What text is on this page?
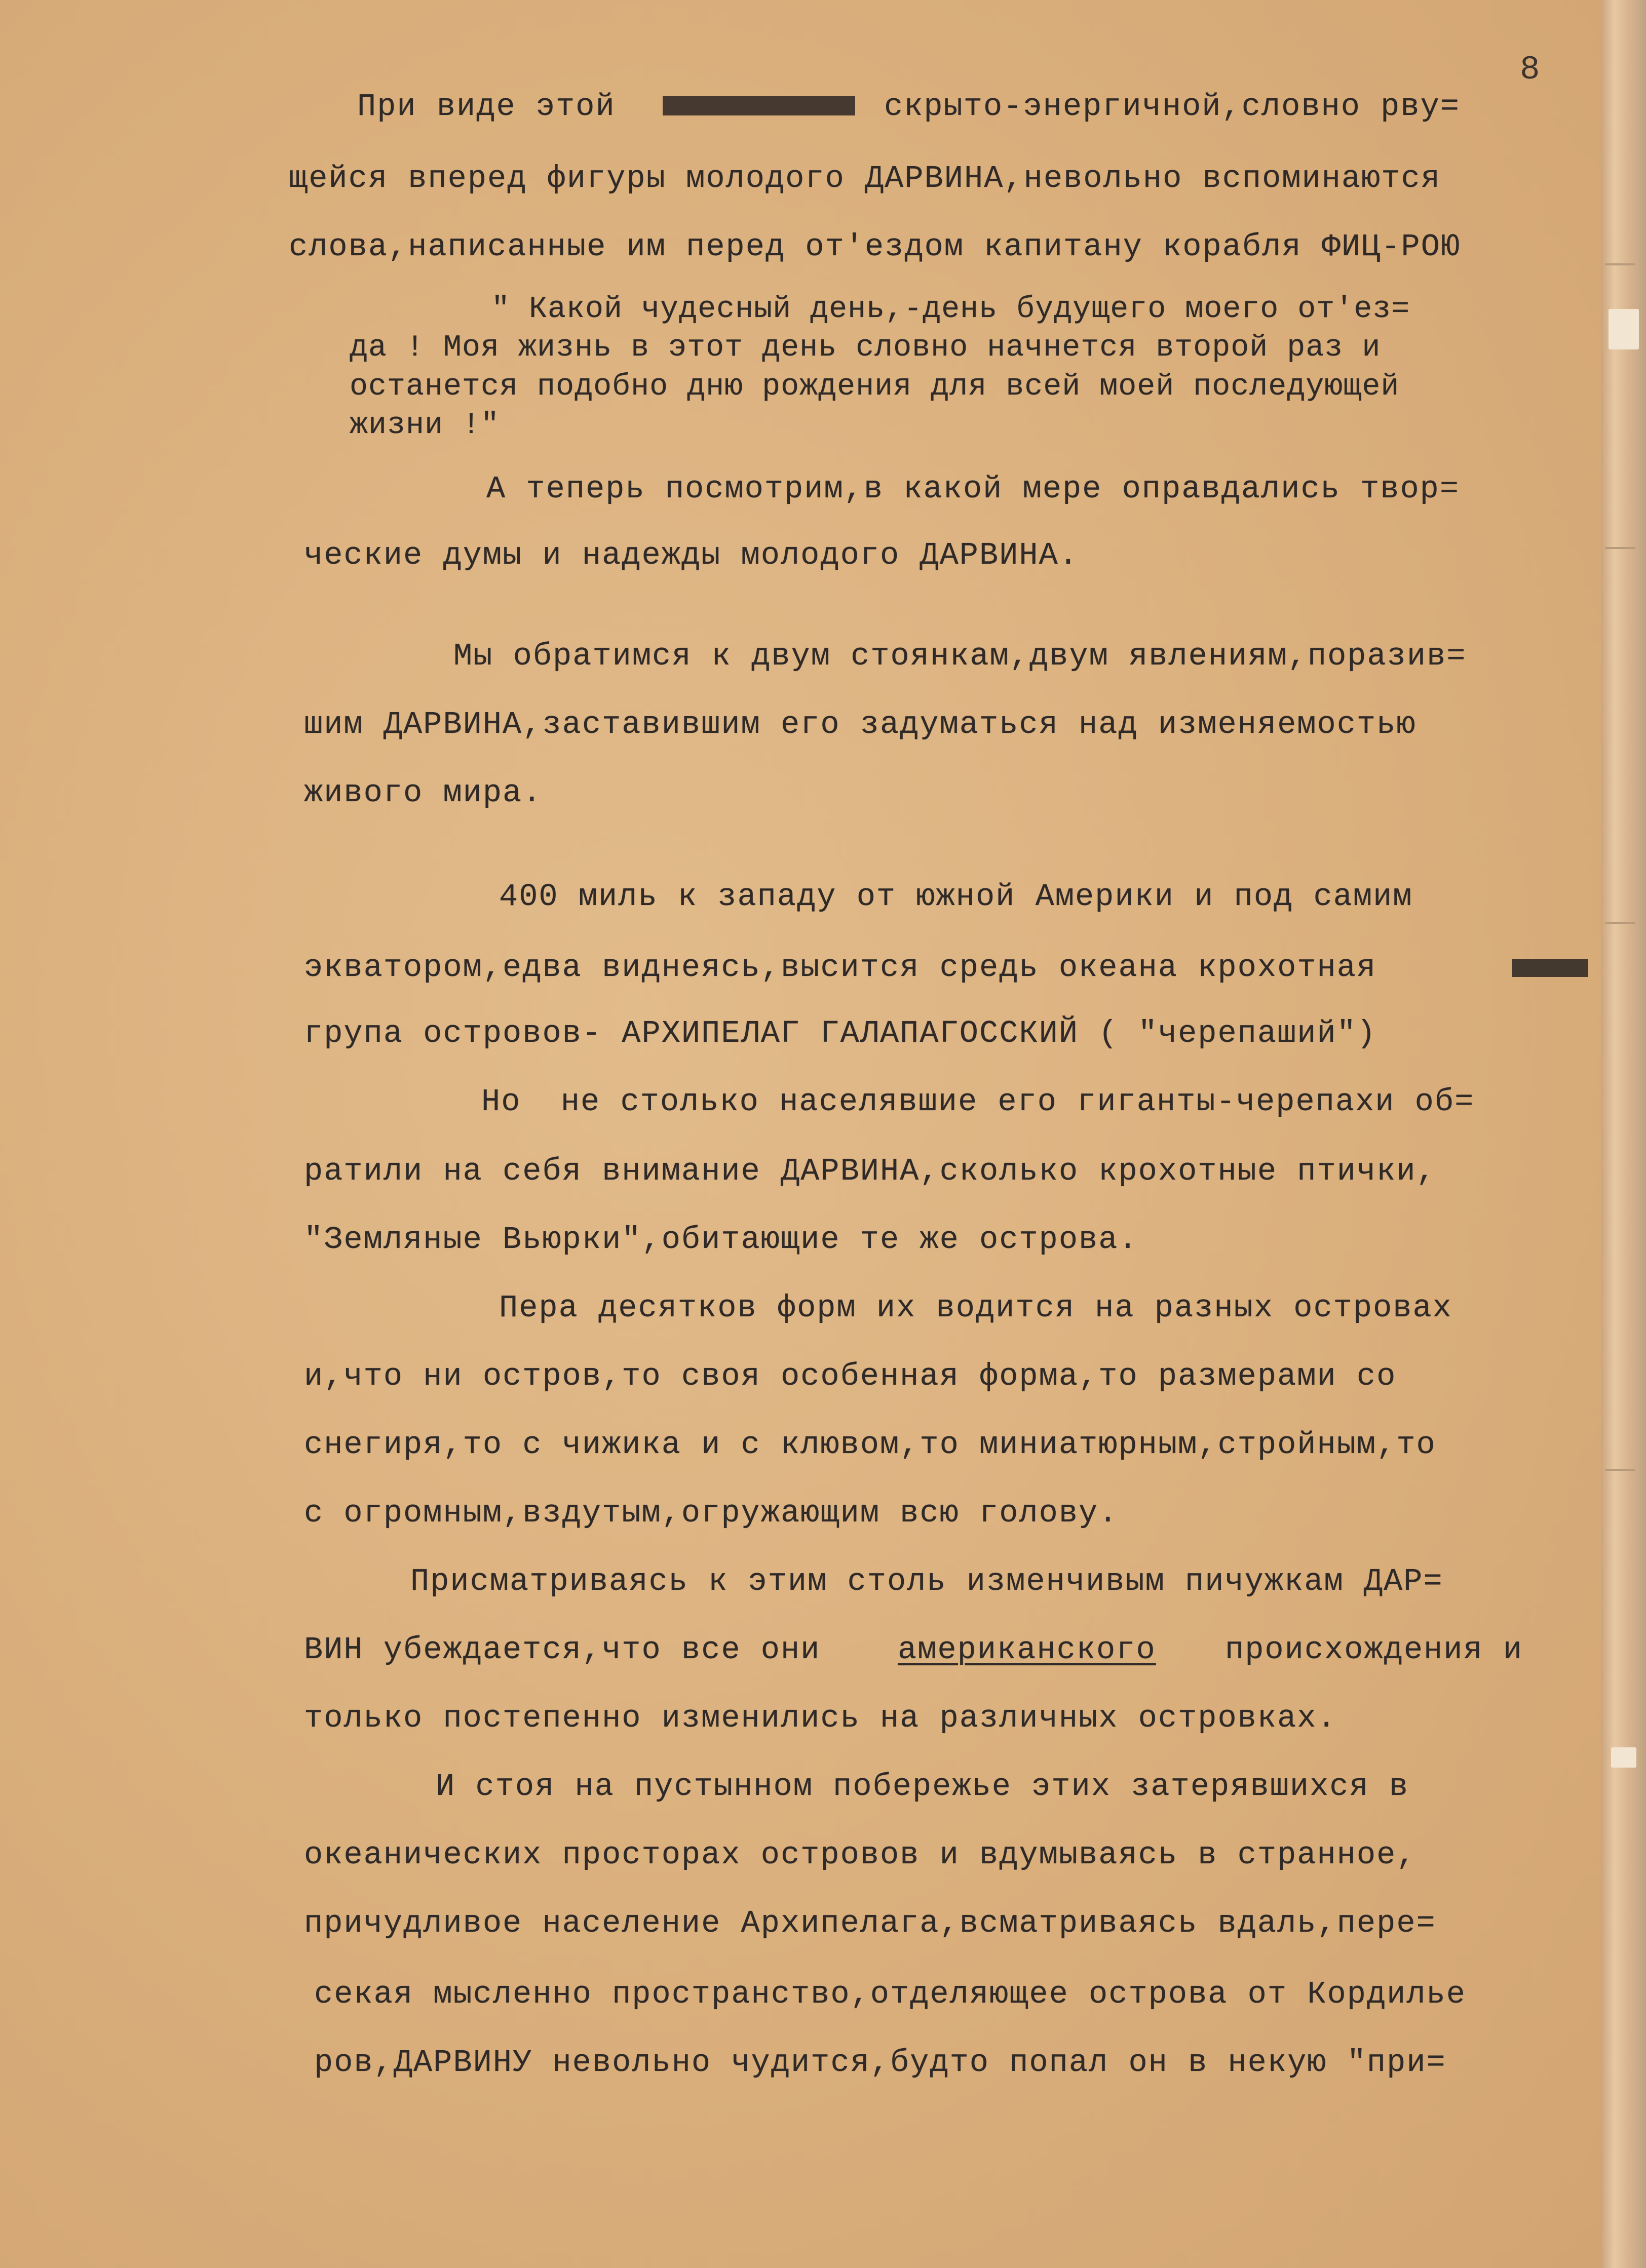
8
При виде этой	скрыто-энергичной,словно рву=
щейся вперед фигуры молодого ДАРВИНА,невольно вспоминаются
слова,написанные им перед от'ездом капитану корабля ФИЦ-РОЮ
" Какой чудесный день,-день будущего моего от'ез=
да ! Моя жизнь в этот день словно начнется второй раз и
останется подобно дню рождения для всей моей последующей
жизни !"
А теперь посмотрим,в какой мере оправдались твор=
ческие думы и надежды молодого ДАРВИНА.
Мы обратимся к двум стоянкам,двум явлениям,поразив=
шим ДАРВИНА,заставившим его задуматься над изменяемостью
живого мира.
400 миль к западу от южной Америки и под самим
экватором,едва виднеясь,высится средь океана крохотная
група островов- АРХИПЕЛАГ ГАЛАПАГОССКИЙ ( "черепаший")
Но  не столько населявшие его гиганты-черепахи об=
ратили на себя внимание ДАРВИНА,сколько крохотные птички,
"Земляные Вьюрки",обитающие те же острова.
Пера десятков форм их водится на разных островах
и,что ни остров,то своя особенная форма,то размерами со
снегиря,то с чижика и с клювом,то миниатюрным,стройным,то
с огромным,вздутым,огружающим всю голову.
Присматриваясь к этим столь изменчивым пичужкам ДАР=
ВИН убеждается,что все они американского происхождения и
только постепенно изменились на различных островках.
И стоя на пустынном побережье этих затерявшихся в
океанических просторах островов и вдумываясь в странное,
причудливое население Архипелага,всматриваясь вдаль,пере=
секая мысленно пространство,отделяющее острова от Кордилье
ров,ДАРВИНУ невольно чудится,будто попал он в некую "при=
